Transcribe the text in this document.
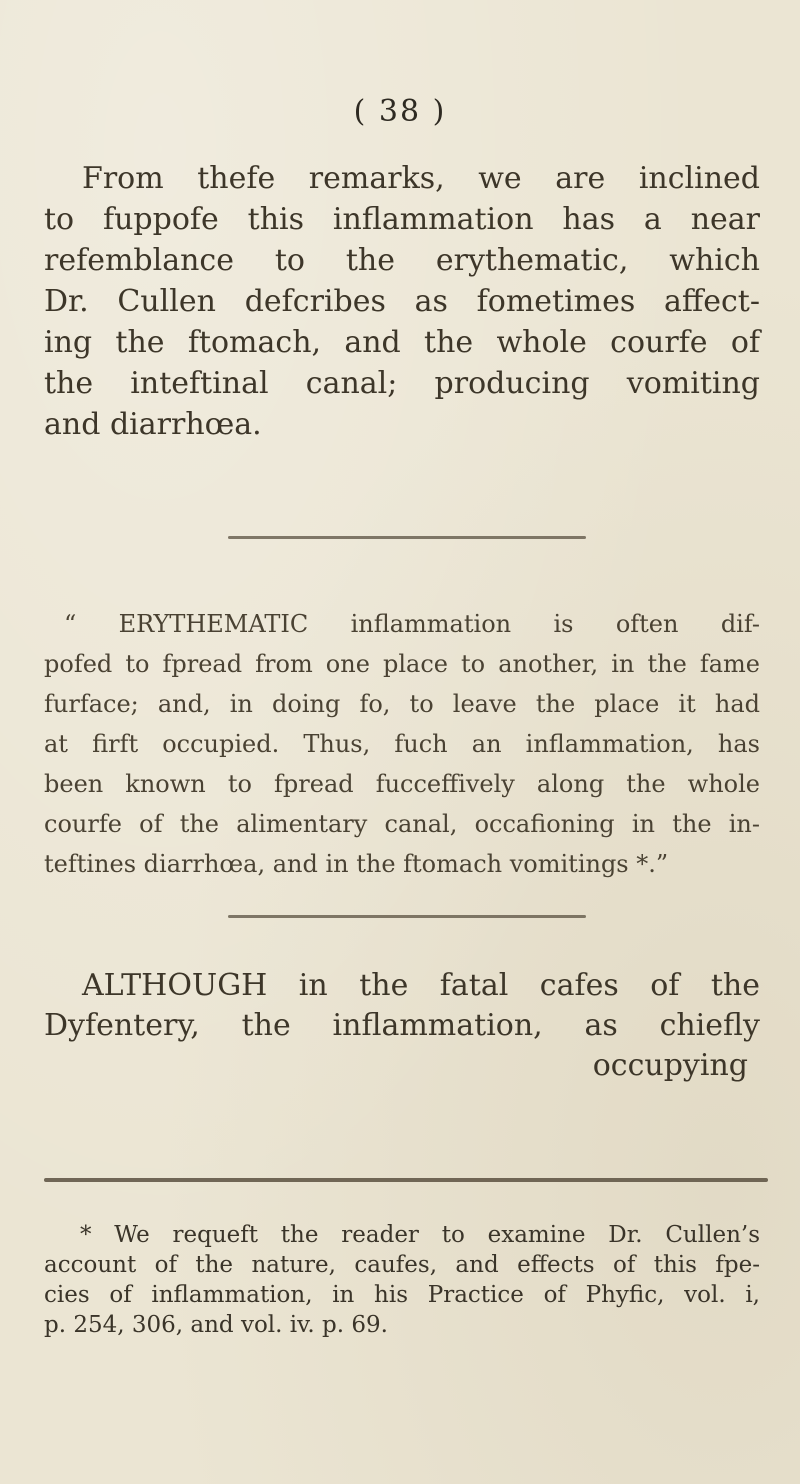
( 38 )
From thefe remarks, we are inclined
to fuppofe this inflammation has a near
refemblance to the erythematic, which
Dr. Cullen defcribes as fometimes affect-
ing the ftomach, and the whole courfe of
the inteftinal canal; producing vomiting
and diarrhœa.
“ ERYTHEMATIC inflammation is often dif-
pofed to fpread from one place to another, in the fame
furface; and, in doing fo, to leave the place it had
at firft occupied. Thus, fuch an inflammation, has
been known to fpread fucceffively along the whole
courfe of the alimentary canal, occafioning in the in-
teftines diarrhœa, and in the ftomach vomitings *.”
ALTHOUGH in the fatal cafes of the
Dyfentery, the inflammation, as chiefly
occupying
* We requeft the reader to examine Dr. Cullen’s
account of the nature, caufes, and effects of this fpe-
cies of inflammation, in his Practice of Phyfic, vol. i,
p. 254, 306, and vol. iv. p. 69.
